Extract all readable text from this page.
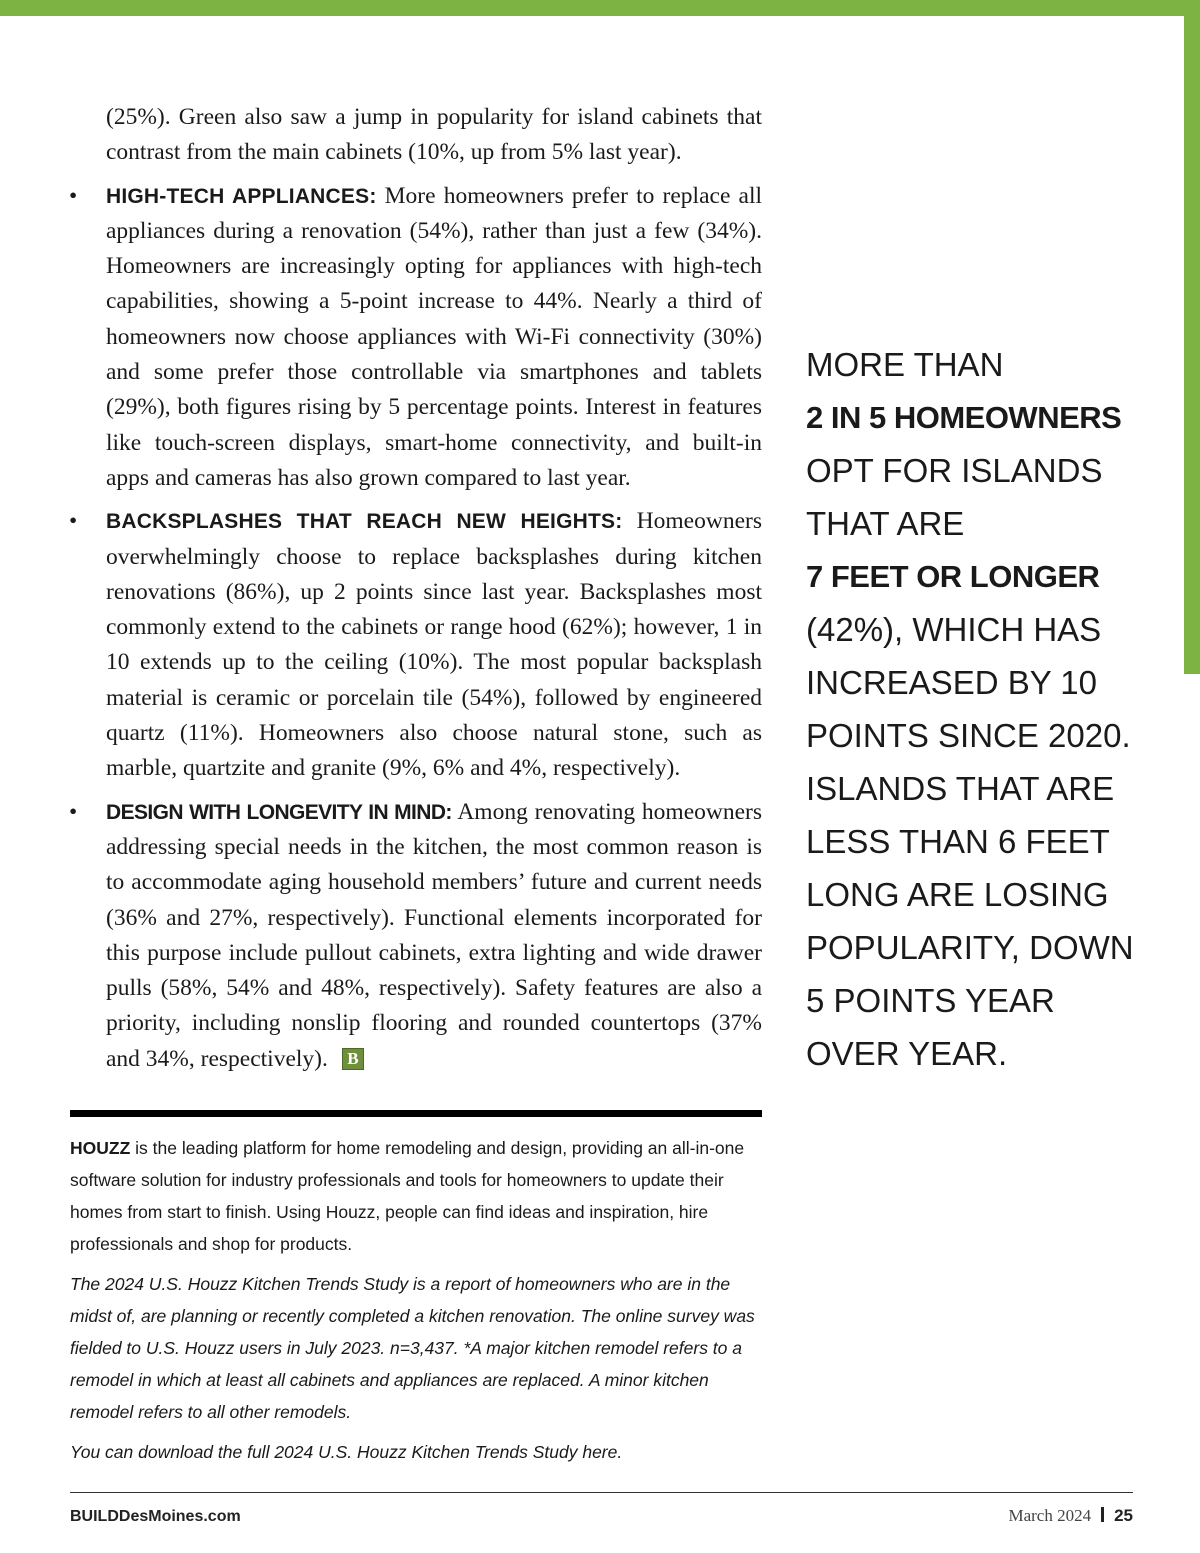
(25%). Green also saw a jump in popularity for island cabinets that contrast from the main cabinets (10%, up from 5% last year).

• HIGH-TECH APPLIANCES: More homeowners prefer to replace all appliances during a renovation (54%), rather than just a few (34%). Homeowners are increasingly opting for appliances with high-tech capabilities, showing a 5-point increase to 44%. Nearly a third of homeowners now choose appliances with Wi-Fi connectivity (30%) and some prefer those controllable via smartphones and tablets (29%), both figures rising by 5 percentage points. Interest in features like touch-screen displays, smart-home connectivity, and built-in apps and cameras has also grown compared to last year.
• BACKSPLASHES THAT REACH NEW HEIGHTS: Homeowners overwhelmingly choose to replace backsplashes during kitchen renovations (86%), up 2 points since last year. Backsplashes most commonly extend to the cabinets or range hood (62%); however, 1 in 10 extends up to the ceiling (10%). The most popular backsplash material is ceramic or porcelain tile (54%), followed by engineered quartz (11%). Homeowners also choose natural stone, such as marble, quartzite and granite (9%, 6% and 4%, respectively).
• DESIGN WITH LONGEVITY IN MIND: Among renovating homeowners addressing special needs in the kitchen, the most common reason is to accommodate aging household members’ future and current needs (36% and 27%, respectively). Functional elements incorporated for this purpose include pullout cabinets, extra lighting and wide drawer pulls (58%, 54% and 48%, respectively). Safety features are also a priority, including nonslip flooring and rounded countertops (37% and 34%, respectively). B
MORE THAN
2 IN 5 HOMEOWNERS
OPT FOR ISLANDS THAT ARE
7 FEET OR LONGER
(42%), WHICH HAS INCREASED BY 10 POINTS SINCE 2020. ISLANDS THAT ARE LESS THAN 6 FEET LONG ARE LOSING POPULARITY, DOWN 5 POINTS YEAR OVER YEAR.

HOUZZ is the leading platform for home remodeling and design, providing an all-in-one software solution for industry professionals and tools for homeowners to update their homes from start to finish. Using Houzz, people can find ideas and inspiration, hire professionals and shop for products.

The 2024 U.S. Houzz Kitchen Trends Study is a report of homeowners who are in the midst of, are planning or recently completed a kitchen renovation. The online survey was fielded to U.S. Houzz users in July 2023. n=3,437. *A major kitchen remodel refers to a remodel in which at least all cabinets and appliances are replaced. A minor kitchen remodel refers to all other remodels.

You can download the full 2024 U.S. Houzz Kitchen Trends Study here.

BUILDDesMoines.com	March 2024 25
